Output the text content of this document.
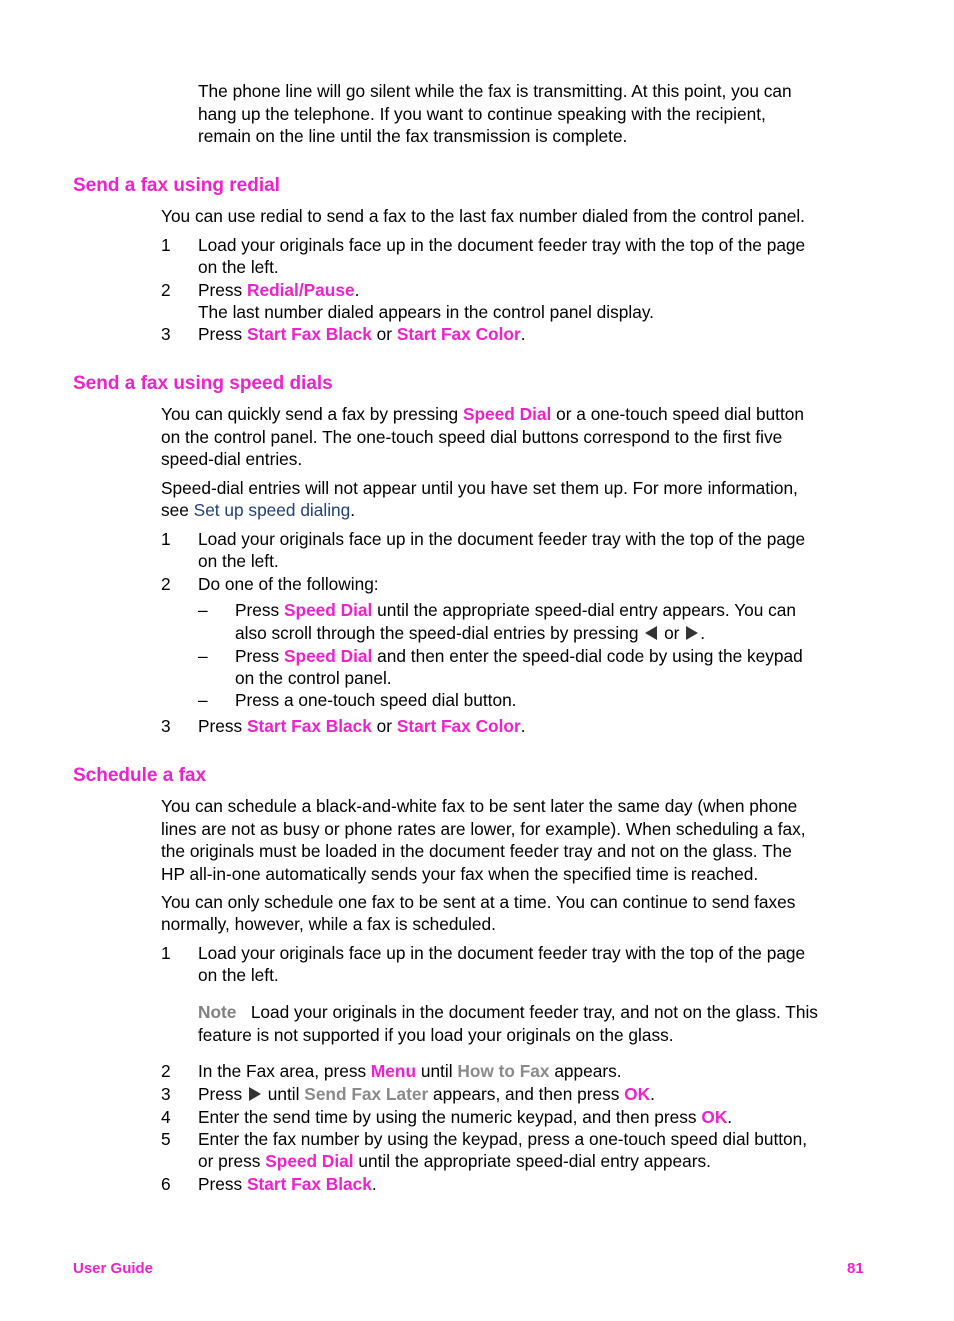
The phone line will go silent while the fax is transmitting. At this point, you can
hang up the telephone. If you want to continue speaking with the recipient,
remain on the line until the fax transmission is complete.
Send a fax using redial
You can use redial to send a fax to the last fax number dialed from the control panel.
1 Load your originals face up in the document feeder tray with the top of the page
on the left.
2 Press Redial/Pause.
The last number dialed appears in the control panel display.
3 Press Start Fax Black or Start Fax Color.
Send a fax using speed dials
You can quickly send a fax by pressing Speed Dial or a one-touch speed dial button
on the control panel. The one-touch speed dial buttons correspond to the first five
speed-dial entries.
Speed-dial entries will not appear until you have set them up. For more information,
see Set up speed dialing.
1 Load your originals face up in the document feeder tray with the top of the page
on the left.
2 Do one of the following:
– Press Speed Dial until the appropriate speed-dial entry appears. You can
also scroll through the speed-dial entries by pressing  or .
– Press Speed Dial and then enter the speed-dial code by using the keypad
on the control panel.
– Press a one-touch speed dial button.
3 Press Start Fax Black or Start Fax Color.
Schedule a fax
You can schedule a black-and-white fax to be sent later the same day (when phone
lines are not as busy or phone rates are lower, for example). When scheduling a fax,
the originals must be loaded in the document feeder tray and not on the glass. The
HP all-in-one automatically sends your fax when the specified time is reached.
You can only schedule one fax to be sent at a time. You can continue to send faxes
normally, however, while a fax is scheduled.
1 Load your originals face up in the document feeder tray with the top of the page
on the left.
Note Load your originals in the document feeder tray, and not on the glass. This
feature is not supported if you load your originals on the glass.
2 In the Fax area, press Menu until How to Fax appears.
3 Press  until Send Fax Later appears, and then press OK.
4 Enter the send time by using the numeric keypad, and then press OK.
5 Enter the fax number by using the keypad, press a one-touch speed dial button,
or press Speed Dial until the appropriate speed-dial entry appears.
6 Press Start Fax Black.
User Guide	81
